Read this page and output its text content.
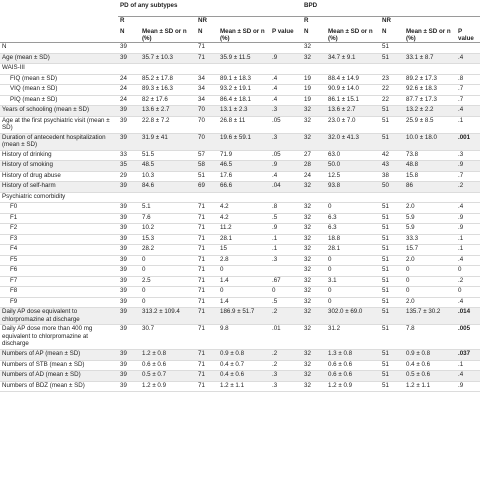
	PD of any subtypes					BPD				
	R		NR			R		NR		
	N	Mean ± SD or n (%)	N	Mean ± SD or n (%)	P value	N	Mean ± SD or n (%)	N	Mean ± SD or n (%)	P value
N	39		71			32		51		
Age (mean ± SD)	39	35.7 ± 10.3	71	35.9 ± 11.5	.9	32	34.7 ± 9.1	51	33.1 ± 8.7	.4
WAIS-III										
FIQ (mean ± SD)	24	85.2 ± 17.8	34	89.1 ± 18.3	.4	19	88.4 ± 14.9	23	89.2 ± 17.3	.8
VIQ (mean ± SD)	24	89.3 ± 16.3	34	93.2 ± 19.1	.4	19	90.9 ± 14.0	22	92.6 ± 18.3	.7
PIQ (mean ± SD)	24	82 ± 17.6	34	86.4 ± 18.1	.4	19	86.1 ± 15.1	22	87.7 ± 17.3	.7
Years of schooling (mean ± SD)	39	13.6 ± 2.7	70	13.1 ± 2.3	.3	32	13.6 ± 2.7	51	13.2 ± 2.2	.4
Age at the first psychiatric visit (mean ± SD)	39	22.8 ± 7.2	70	26.8 ± 11	.05	32	23.0 ± 7.0	51	25.9 ± 8.5	.1
Duration of antecedent hospitalization (mean ± SD)	39	31.9 ± 41	70	19.6 ± 59.1	.3	32	32.0 ± 41.3	51	10.0 ± 18.0	.001
History of drinking	33	51.5	57	71.9	.05	27	63.0	42	73.8	.3
History of smoking	35	48.5	58	46.5	.9	28	50.0	43	48.8	.9
History of drug abuse	29	10.3	51	17.6	.4	24	12.5	38	15.8	.7
History of self-harm	39	84.6	69	66.6	.04	32	93.8	50	86	.2
Psychiatric comorbidity										
F0	39	5.1	71	4.2	.8	32	0	51	2.0	.4
F1	39	7.6	71	4.2	.5	32	6.3	51	5.9	.9
F2	39	10.2	71	11.2	.9	32	6.3	51	5.9	.9
F3	39	15.3	71	28.1	.1	32	18.8	51	33.3	.1
F4	39	28.2	71	15	.1	32	28.1	51	15.7	.1
F5	39	0	71	2.8	.3	32	0	51	2.0	.4
F6	39	0	71	0		32	0	51	0	0
F7	39	2.5	71	1.4	.67	32	3.1	51	0	.2
F8	39	0	71	0	0	32	0	51	0	0
F9	39	0	71	1.4	.5	32	0	51	2.0	.4
Daily AP dose equivalent to chlorpromazine at discharge	39	313.2 ± 109.4	71	186.9 ± 51.7	.2	32	302.0 ± 69.0	51	135.7 ± 30.2	.014
Daily AP dose more than 400 mg equivalent to chlorpromazine at discharge	39	30.7	71	9.8	.01	32	31.2	51	7.8	.005
Numbers of AP (mean ± SD)	39	1.2 ± 0.8	71	0.9 ± 0.8	.2	32	1.3 ± 0.8	51	0.9 ± 0.8	.037
Numbers of STB (mean ± SD)	39	0.6 ± 0.6	71	0.4 ± 0.7	.2	32	0.6 ± 0.6	51	0.4 ± 0.6	.1
Numbers of AD (mean ± SD)	39	0.5 ± 0.7	71	0.4 ± 0.6	.3	32	0.6 ± 0.6	51	0.5 ± 0.6	.4
Numbers of BDZ (mean ± SD)	39	1.2 ± 0.9	71	1.2 ± 1.1	.3	32	1.2 ± 0.9	51	1.2 ± 1.1	.9
